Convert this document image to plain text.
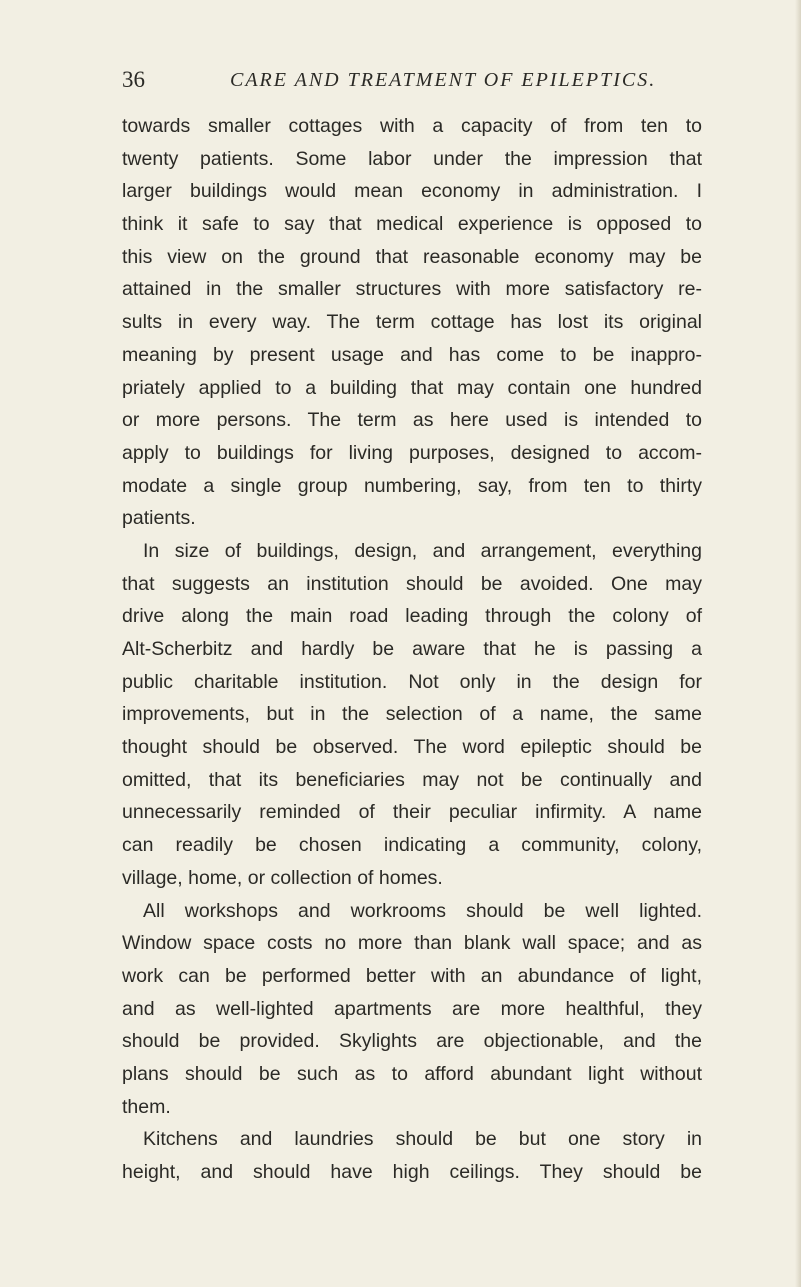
36	CARE AND TREATMENT OF EPILEPTICS.
towards smaller cottages with a capacity of from ten to
twenty patients. Some labor under the impression that
larger buildings would mean economy in administration. I
think it safe to say that medical experience is opposed to
this view on the ground that reasonable economy may be
attained in the smaller structures with more satisfactory re-
sults in every way. The term cottage has lost its original
meaning by present usage and has come to be inappro-
priately applied to a building that may contain one hundred
or more persons. The term as here used is intended to
apply to buildings for living purposes, designed to accom-
modate a single group numbering, say, from ten to thirty
patients.
In size of buildings, design, and arrangement, everything
that suggests an institution should be avoided. One may
drive along the main road leading through the colony of
Alt-Scherbitz and hardly be aware that he is passing a
public charitable institution. Not only in the design for
improvements, but in the selection of a name, the same
thought should be observed. The word epileptic should be
omitted, that its beneficiaries may not be continually and
unnecessarily reminded of their peculiar infirmity. A name
can readily be chosen indicating a community, colony,
village, home, or collection of homes.
All workshops and workrooms should be well lighted.
Window space costs no more than blank wall space; and as
work can be performed better with an abundance of light,
and as well-lighted apartments are more healthful, they
should be provided. Skylights are objectionable, and the
plans should be such as to afford abundant light without
them.
Kitchens and laundries should be but one story in
height, and should have high ceilings. They should be
